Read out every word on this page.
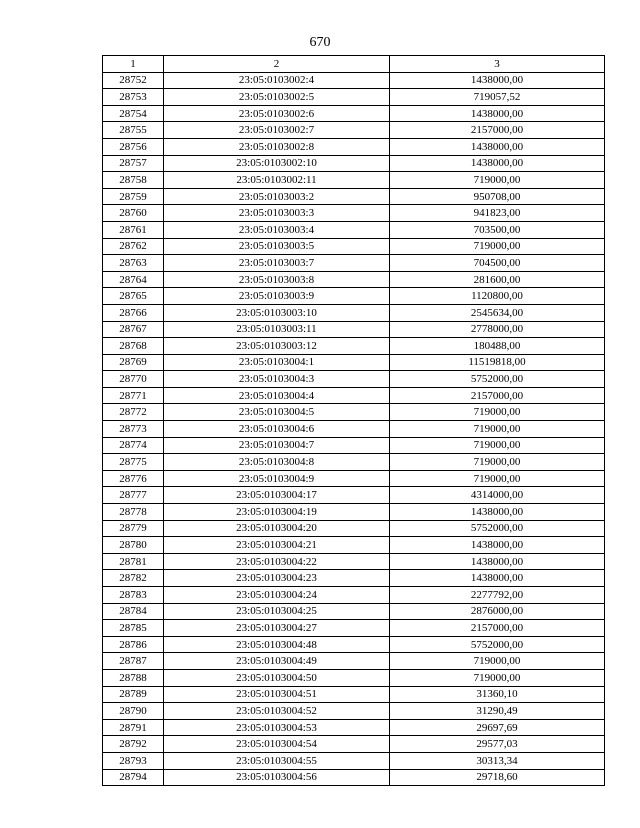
670
1	2	3
28752	23:05:0103002:4	1438000,00
28753	23:05:0103002:5	719057,52
28754	23:05:0103002:6	1438000,00
28755	23:05:0103002:7	2157000,00
28756	23:05:0103002:8	1438000,00
28757	23:05:0103002:10	1438000,00
28758	23:05:0103002:11	719000,00
28759	23:05:0103003:2	950708,00
28760	23:05:0103003:3	941823,00
28761	23:05:0103003:4	703500,00
28762	23:05:0103003:5	719000,00
28763	23:05:0103003:7	704500,00
28764	23:05:0103003:8	281600,00
28765	23:05:0103003:9	1120800,00
28766	23:05:0103003:10	2545634,00
28767	23:05:0103003:11	2778000,00
28768	23:05:0103003:12	180488,00
28769	23:05:0103004:1	11519818,00
28770	23:05:0103004:3	5752000,00
28771	23:05:0103004:4	2157000,00
28772	23:05:0103004:5	719000,00
28773	23:05:0103004:6	719000,00
28774	23:05:0103004:7	719000,00
28775	23:05:0103004:8	719000,00
28776	23:05:0103004:9	719000,00
28777	23:05:0103004:17	4314000,00
28778	23:05:0103004:19	1438000,00
28779	23:05:0103004:20	5752000,00
28780	23:05:0103004:21	1438000,00
28781	23:05:0103004:22	1438000,00
28782	23:05:0103004:23	1438000,00
28783	23:05:0103004:24	2277792,00
28784	23:05:0103004:25	2876000,00
28785	23:05:0103004:27	2157000,00
28786	23:05:0103004:48	5752000,00
28787	23:05:0103004:49	719000,00
28788	23:05:0103004:50	719000,00
28789	23:05:0103004:51	31360,10
28790	23:05:0103004:52	31290,49
28791	23:05:0103004:53	29697,69
28792	23:05:0103004:54	29577,03
28793	23:05:0103004:55	30313,34
28794	23:05:0103004:56	29718,60
